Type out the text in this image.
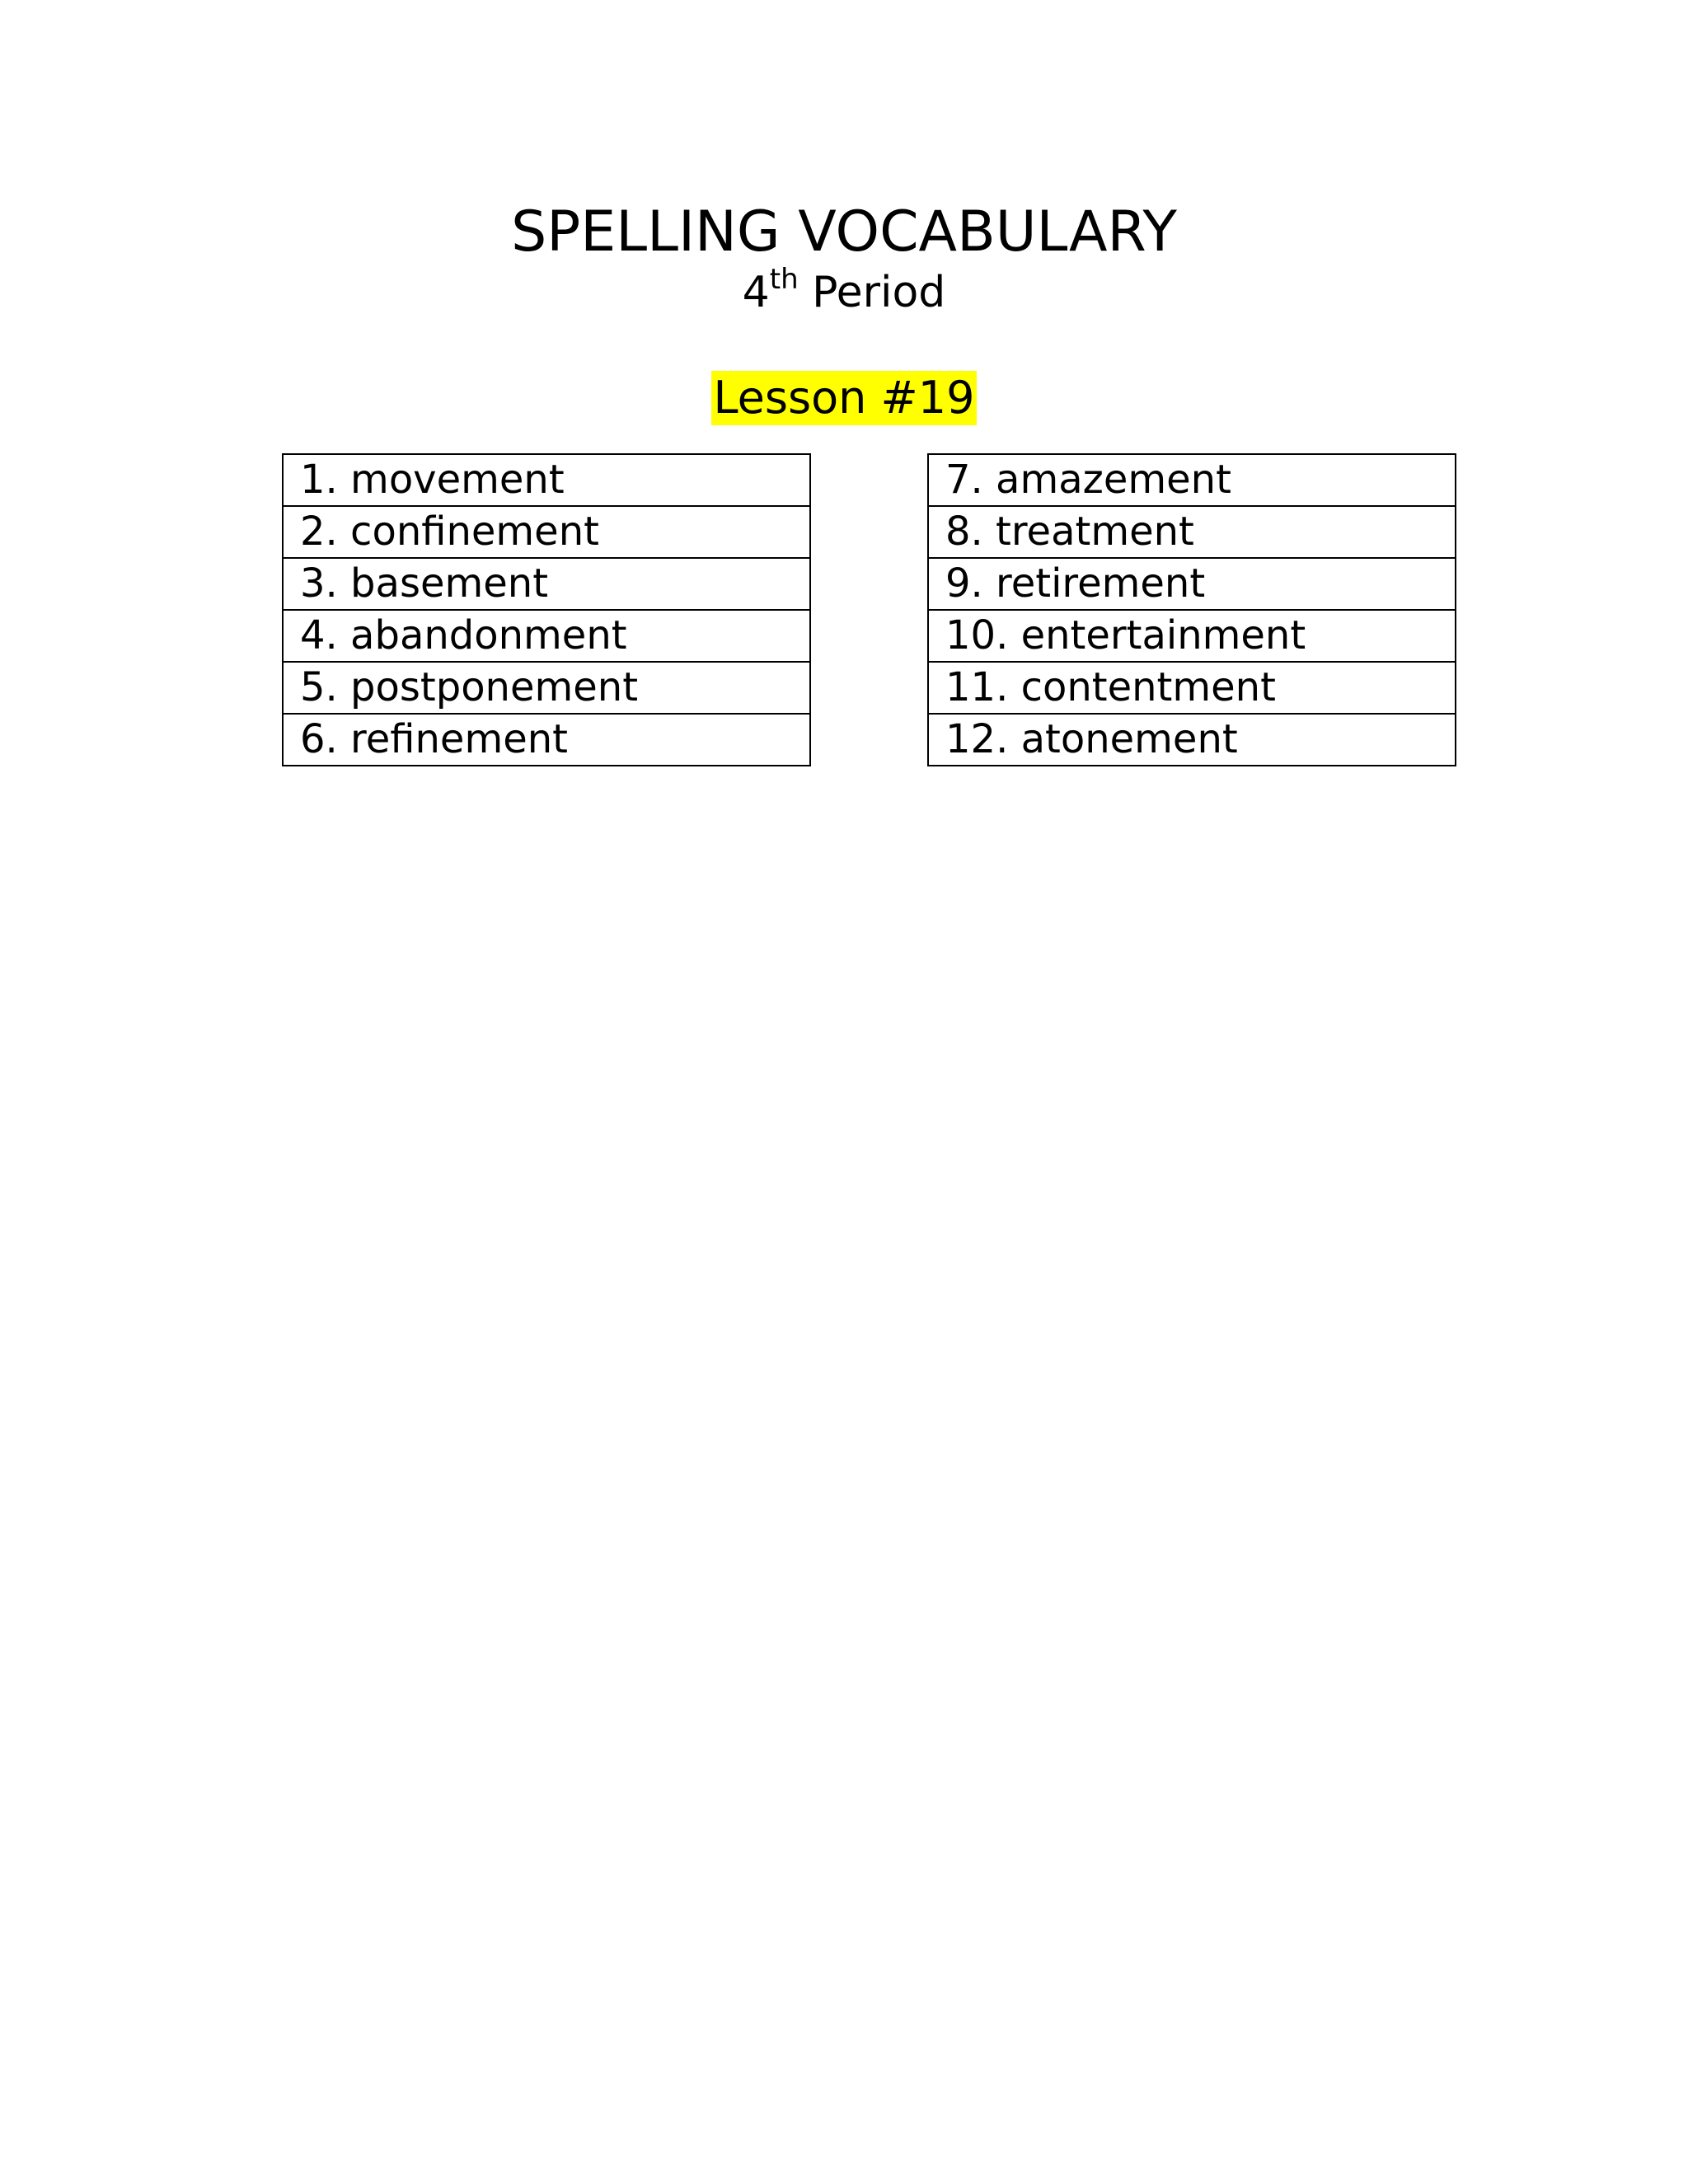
SPELLING VOCABULARY
4th Period
Lesson #19
1. movement
2. confinement
3. basement
4. abandonment
5. postponement
6. refinement
7. amazement
8. treatment
9. retirement
10. entertainment
11. contentment
12. atonement
